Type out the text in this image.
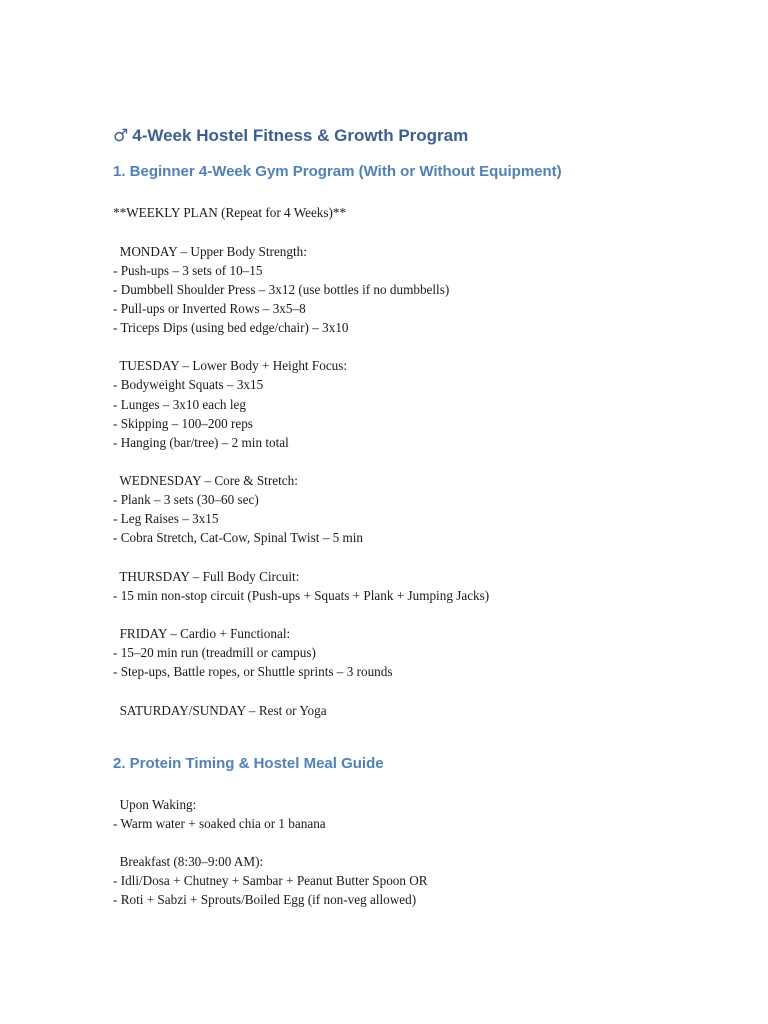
♂ 4-Week Hostel Fitness & Growth Program
1. Beginner 4-Week Gym Program (With or Without Equipment)
**WEEKLY PLAN (Repeat for 4 Weeks)**
MONDAY – Upper Body Strength:
- Push-ups – 3 sets of 10–15
- Dumbbell Shoulder Press – 3x12 (use bottles if no dumbbells)
- Pull-ups or Inverted Rows – 3x5–8
- Triceps Dips (using bed edge/chair) – 3x10
TUESDAY – Lower Body + Height Focus:
- Bodyweight Squats – 3x15
- Lunges – 3x10 each leg
- Skipping – 100–200 reps
- Hanging (bar/tree) – 2 min total
WEDNESDAY – Core & Stretch:
- Plank – 3 sets (30–60 sec)
- Leg Raises – 3x15
- Cobra Stretch, Cat-Cow, Spinal Twist – 5 min
THURSDAY – Full Body Circuit:
- 15 min non-stop circuit (Push-ups + Squats + Plank + Jumping Jacks)
FRIDAY – Cardio + Functional:
- 15–20 min run (treadmill or campus)
- Step-ups, Battle ropes, or Shuttle sprints – 3 rounds
SATURDAY/SUNDAY – Rest or Yoga
2. Protein Timing & Hostel Meal Guide
Upon Waking:
- Warm water + soaked chia or 1 banana
Breakfast (8:30–9:00 AM):
- Idli/Dosa + Chutney + Sambar + Peanut Butter Spoon OR
- Roti + Sabzi + Sprouts/Boiled Egg (if non-veg allowed)
